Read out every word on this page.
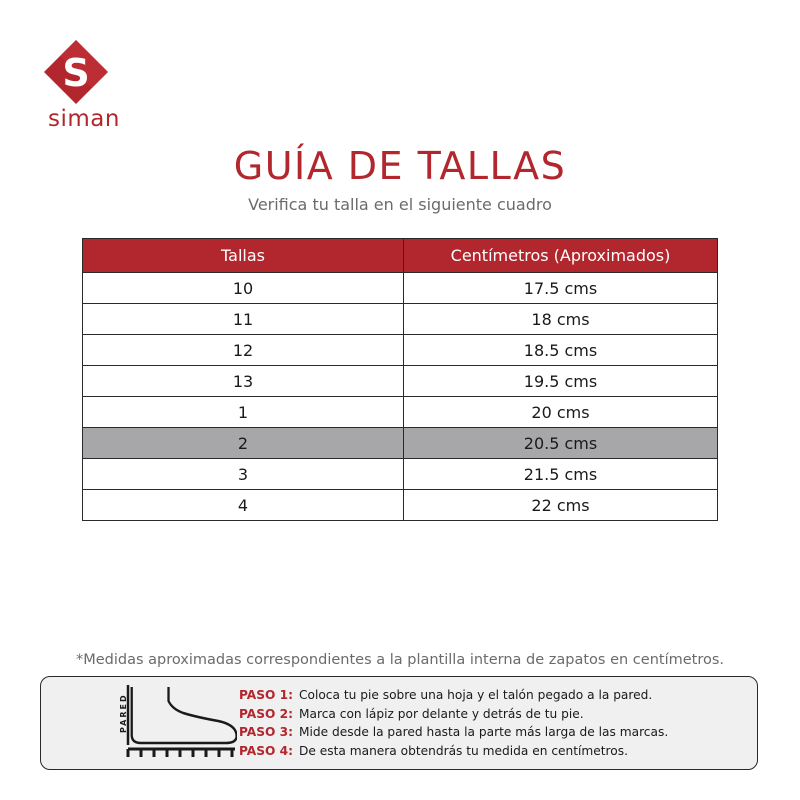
S
siman
GUÍA DE TALLAS
Verifica tu talla en el siguiente cuadro
Tallas	Centímetros (Aproximados)
10	17.5 cms
11	18 cms
12	18.5 cms
13	19.5 cms
1	20 cms
2	20.5 cms
3	21.5 cms
4	22 cms
*Medidas aproximadas correspondientes a la plantilla interna de zapatos en centímetros.
PARED	PASO 1: Coloca tu pie sobre una hoja y el talón pegado a la pared.
PASO 2: Marca con lápiz por delante y detrás de tu pie.
PASO 3: Mide desde la pared hasta la parte más larga de las marcas.
PASO 4: De esta manera obtendrás tu medida en centímetros.
